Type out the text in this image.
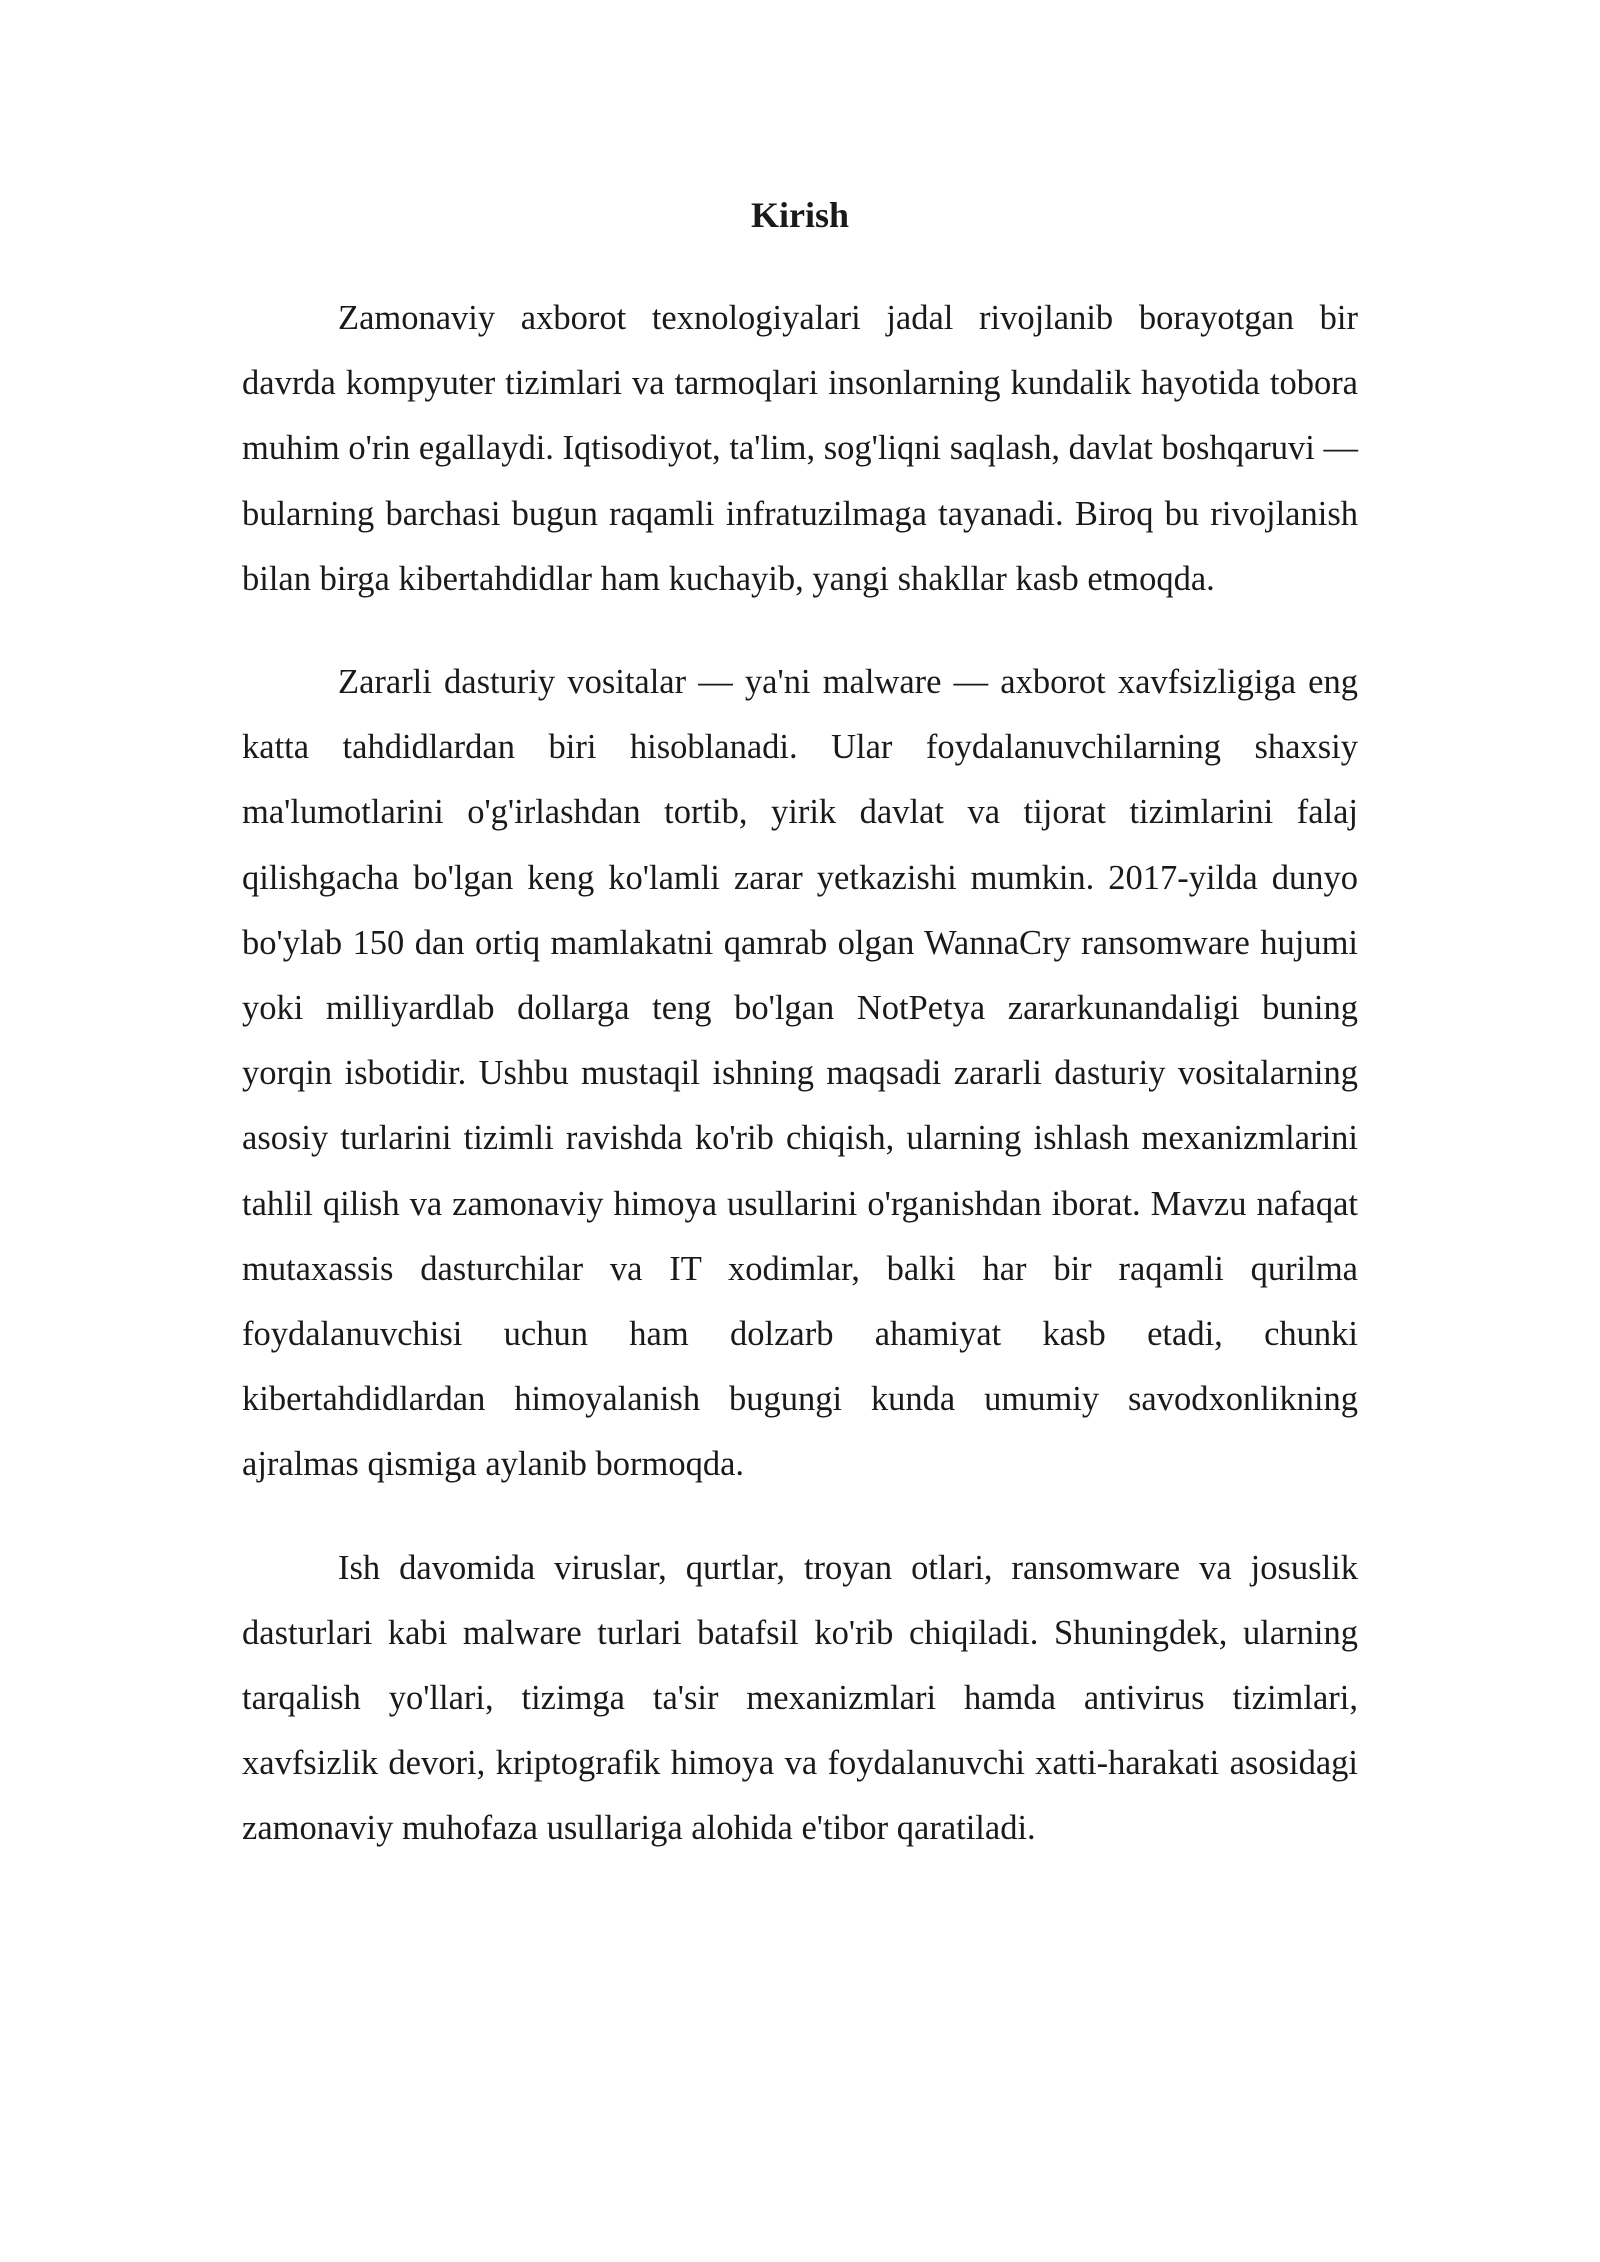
Kirish

Zamonaviy axborot texnologiyalari jadal rivojlanib borayotgan bir davrda kompyuter tizimlari va tarmoqlari insonlarning kundalik hayotida tobora muhim o'rin egallaydi. Iqtisodiyot, ta'lim, sog'liqni saqlash, davlat boshqaruvi — bularning barchasi bugun raqamli infratuzilmaga tayanadi. Biroq bu rivojlanish bilan birga kibertahdidlar ham kuchayib, yangi shakllar kasb etmoqda.

Zararli dasturiy vositalar — ya'ni malware — axborot xavfsizligiga eng katta tahdidlardan biri hisoblanadi. Ular foydalanuvchilarning shaxsiy ma'lumotlarini o'g'irlashdan tortib, yirik davlat va tijorat tizimlarini falaj qilishgacha bo'lgan keng ko'lamli zarar yetkazishi mumkin. 2017-yilda dunyo bo'ylab 150 dan ortiq mamlakatni qamrab olgan WannaCry ransomware hujumi yoki milliyardlab dollarga teng bo'lgan NotPetya zararkunandaligi buning yorqin isbotidir. Ushbu mustaqil ishning maqsadi zararli dasturiy vositalarning asosiy turlarini tizimli ravishda ko'rib chiqish, ularning ishlash mexanizmlarini tahlil qilish va zamonaviy himoya usullarini o'rganishdan iborat. Mavzu nafaqat mutaxassis dasturchilar va IT xodimlar, balki har bir raqamli qurilma foydalanuvchisi uchun ham dolzarb ahamiyat kasb etadi, chunki kibertahdidlardan himoyalanish bugungi kunda umumiy savodxonlikning ajralmas qismiga aylanib bormoqda.

Ish davomida viruslar, qurtlar, troyan otlari, ransomware va josuslik dasturlari kabi malware turlari batafsil ko'rib chiqiladi. Shuningdek, ularning tarqalish yo'llari, tizimga ta'sir mexanizmlari hamda antivirus tizimlari, xavfsizlik devori, kriptografik himoya va foydalanuvchi xatti-harakati asosidagi zamonaviy muhofaza usullariga alohida e'tibor qaratiladi.
